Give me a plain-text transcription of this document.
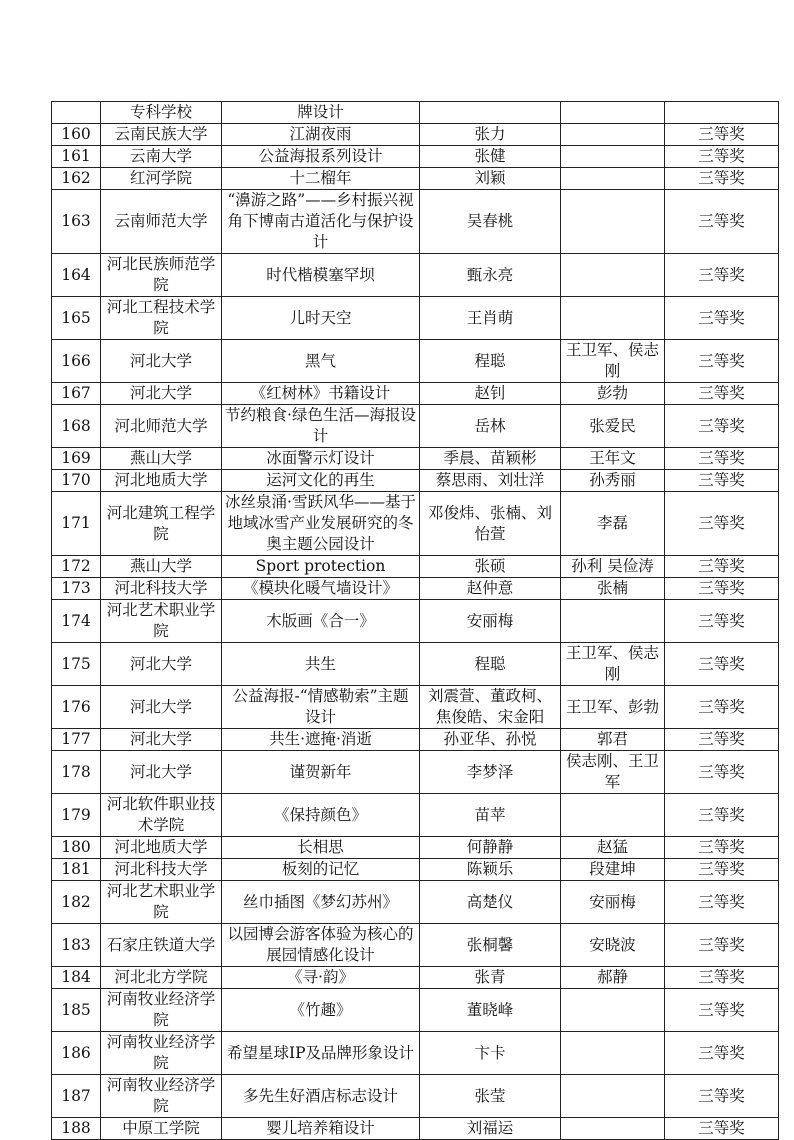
	专科学校	牌设计			
160	云南民族大学	江湖夜雨	张力		三等奖
161	云南大学	公益海报系列设计	张健		三等奖
162	红河学院	十二榴年	刘颖		三等奖
163	云南师范大学	“濞游之路”——乡村振兴视角下博南古道活化与保护设计	吴春桃		三等奖
164	河北民族师范学院	时代楷模塞罕坝	甄永亮		三等奖
165	河北工程技术学院	儿时天空	王肖萌		三等奖
166	河北大学	黑气	程聪	王卫军、侯志刚	三等奖
167	河北大学	《红树林》书籍设计	赵钊	彭勃	三等奖
168	河北师范大学	节约粮食·绿色生活—海报设计	岳林	张爱民	三等奖
169	燕山大学	冰面警示灯设计	季晨、苗颖彬	王年文	三等奖
170	河北地质大学	运河文化的再生	蔡思雨、刘壮洋	孙秀丽	三等奖
171	河北建筑工程学院	冰丝泉涌·雪跃风华——基于地域冰雪产业发展研究的冬奥主题公园设计	邓俊炜、张楠、刘怡萱	李磊	三等奖
172	燕山大学	Sport protection	张硕	孙利 吴俭涛	三等奖
173	河北科技大学	《模块化暖气墙设计》	赵仲意	张楠	三等奖
174	河北艺术职业学院	木版画《合一》	安丽梅		三等奖
175	河北大学	共生	程聪	王卫军、侯志刚	三等奖
176	河北大学	公益海报-“情感勒索”主题设计	刘震萱、董政柯、焦俊皓、宋金阳	王卫军、彭勃	三等奖
177	河北大学	共生·遮掩·消逝	孙亚华、孙悦	郭君	三等奖
178	河北大学	谨贺新年	李梦泽	侯志刚、王卫军	三等奖
179	河北软件职业技术学院	《保持颜色》	苗苹		三等奖
180	河北地质大学	长相思	何静静	赵猛	三等奖
181	河北科技大学	板刻的记忆	陈颖乐	段建坤	三等奖
182	河北艺术职业学院	丝巾插图《梦幻苏州》	高楚仪	安丽梅	三等奖
183	石家庄铁道大学	以园博会游客体验为核心的展园情感化设计	张桐馨	安晓波	三等奖
184	河北北方学院	《寻·韵》	张青	郝静	三等奖
185	河南牧业经济学院	《竹趣》	董晓峰		三等奖
186	河南牧业经济学院	希望星球IP及品牌形象设计	卞卡		三等奖
187	河南牧业经济学院	多先生好酒店标志设计	张莹		三等奖
188	中原工学院	婴儿培养箱设计	刘福运		三等奖
